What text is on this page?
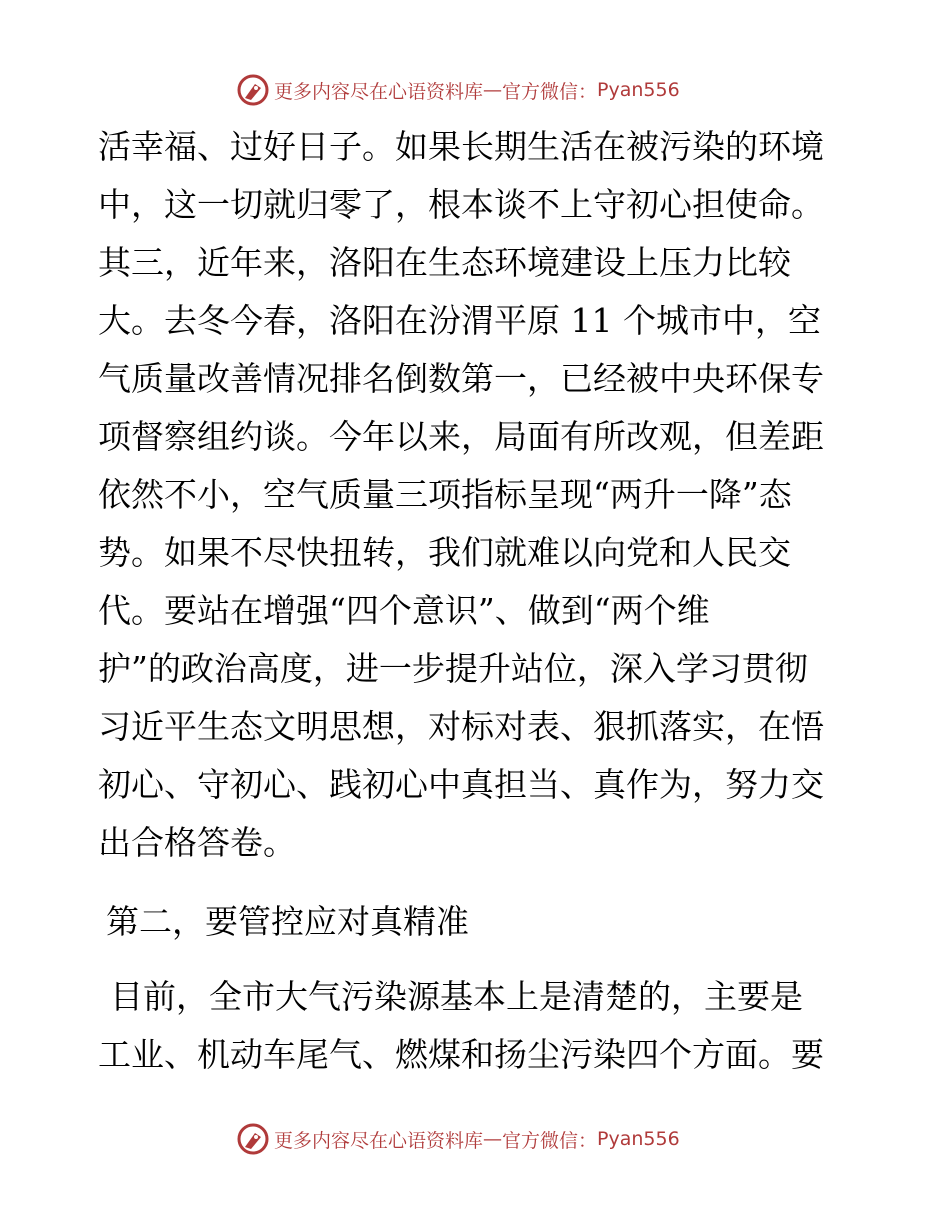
更多内容尽在心语资料库 — 官方微信： Pyan556
活幸福、过好日子。如果长期生活在被污染的环境
中，这一切就归零了，根本谈不上守初心担使命。
其三，近年来，洛阳在生态环境建设上压力比较
大。去冬今春，洛阳在汾渭平原 11 个城市中，空
气质量改善情况排名倒数第一，已经被中央环保专
项督察组约谈。今年以来，局面有所改观，但差距
依然不小，空气质量三项指标呈现“两升一降”态
势。如果不尽快扭转，我们就难以向党和人民交
代。要站在增强“四个意识”、做到“两个维
护”的政治高度，进一步提升站位，深入学习贯彻
习近平生态文明思想，对标对表、狠抓落实，在悟
初心、守初心、践初心中真担当、真作为，努力交
出合格答卷。
第二，要管控应对真精准
目前，全市大气污染源基本上是清楚的，主要是
工业、机动车尾气、燃煤和扬尘污染四个方面。要
更多内容尽在心语资料库 — 官方微信： Pyan556
